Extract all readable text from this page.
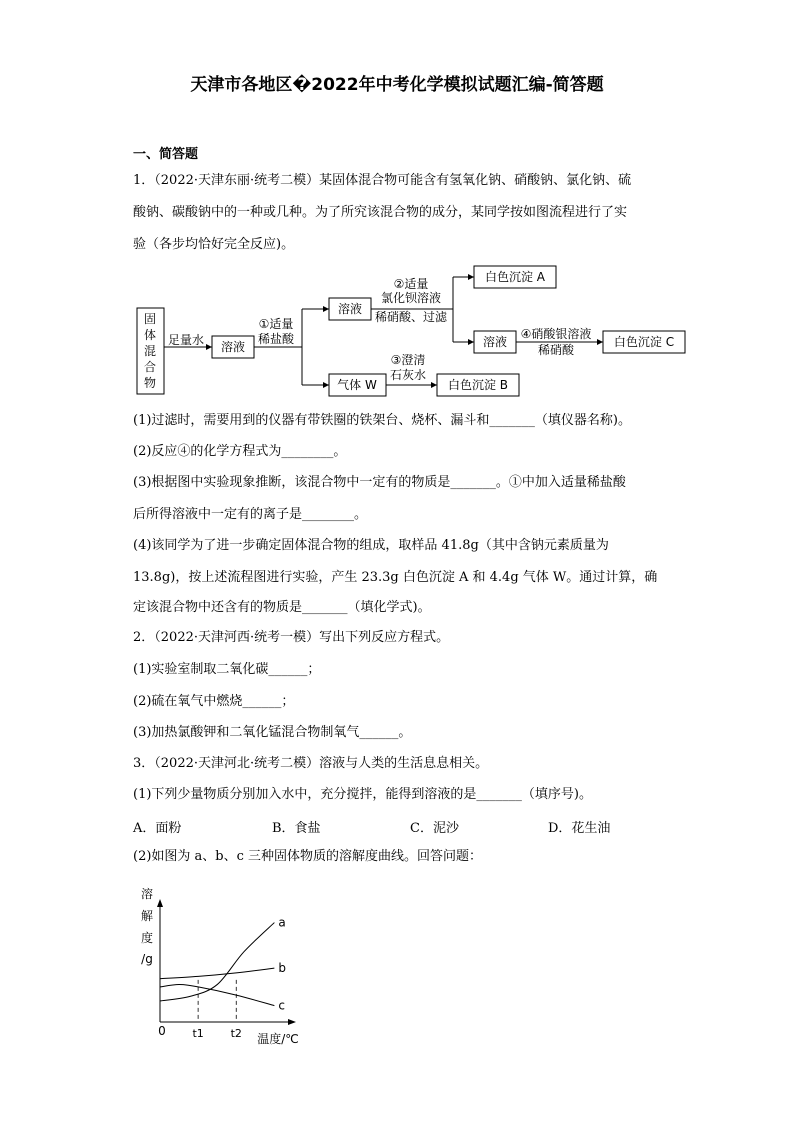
天津市各地区�2022年中考化学模拟试题汇编-简答题
一、简答题
1．（2022·天津东丽·统考二模）某固体混合物可能含有氢氧化钠、硝酸钠、氯化钠、硫
酸钠、碳酸钠中的一种或几种。为了所究该混合物的成分，某同学按如图流程进行了实
验（各步均恰好完全反应)。
固
体
混
合
物
足量水 溶液
①适量
稀盐酸
溶液
②适量
氯化钡溶液
稀硝酸、过滤
白色沉淀 A
溶液
④硝酸银溶液
稀硝酸
白色沉淀 C
气体 W
③澄清
石灰水
白色沉淀 B
溶
解
度
/g
0
温度/℃
a
b
c
t1 t2
(1)过滤时，需要用到的仪器有带铁圈的铁架台、烧杯、漏斗和_______（填仪器名称)。
(2)反应④的化学方程式为________。
(3)根据图中实验现象推断，该混合物中一定有的物质是_______。①中加入适量稀盐酸
后所得溶液中一定有的离子是________。
(4)该同学为了进一步确定固体混合物的组成，取样品 41.8g（其中含钠元素质量为
13.8g)，按上述流程图进行实验，产生 23.3g 白色沉淀 A 和 4.4g 气体 W。通过计算，确
定该混合物中还含有的物质是_______（填化学式)。
2．（2022·天津河西·统考一模）写出下列反应方程式。
(1)实验室制取二氧化碳______；
(2)硫在氧气中燃烧______；
(3)加热氯酸钾和二氧化锰混合物制氧气______。
3．（2022·天津河北·统考二模）溶液与人类的生活息息相关。
(1)下列少量物质分别加入水中，充分搅拌，能得到溶液的是_______（填序号)。
A．面粉	B．食盐	C．泥沙	D．花生油
(2)如图为 a、b、c 三种固体物质的溶解度曲线。回答问题：
